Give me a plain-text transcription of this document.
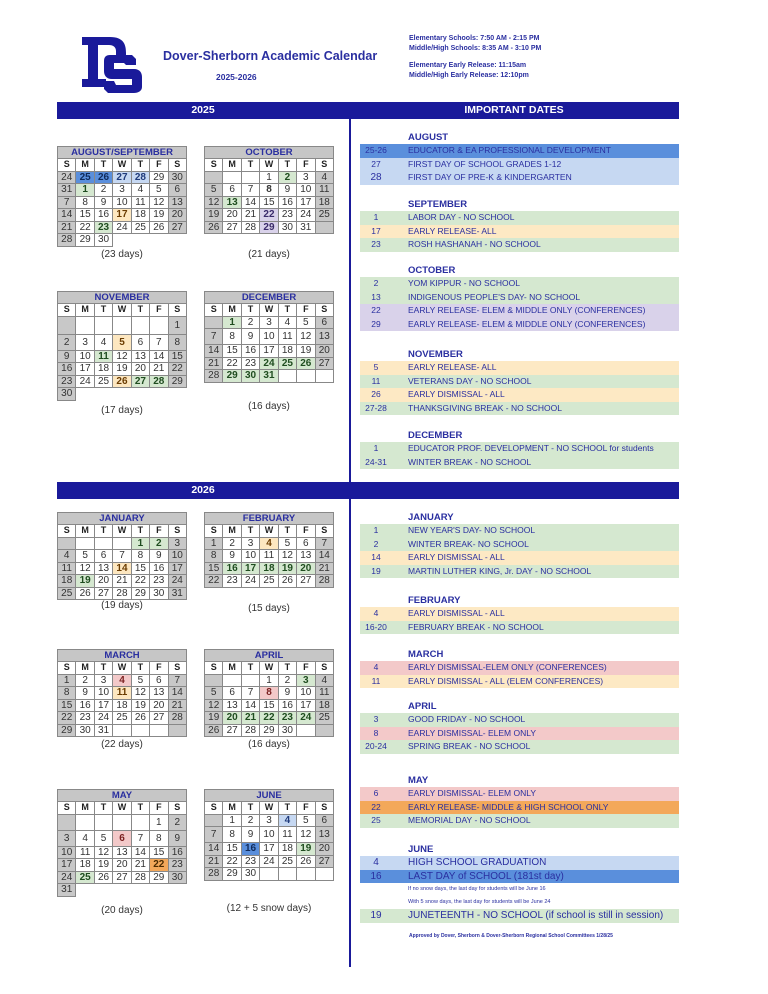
Dover-Sherborn Academic Calendar
2025-2026
Elementary Schools: 7:50 AM - 2:15 PM
Middle/High Schools: 8:35 AM - 3:10 PM
Elementary Early Release: 11:15am
Middle/High Early Release: 12:10pm
2025	IMPORTANT DATES
2026
AUGUST/SEPTEMBER
S	M	T	W	T	F	S
24	25	26	27	28	29	30
31	1	2	3	4	5	6
7	8	9	10	11	12	13
14	15	16	17	18	19	20
21	22	23	24	25	26	27
28	29	30				
(23 days)
OCTOBER
S	M	T	W	T	F	S
			1	2	3	4
5	6	7	8	9	10	11
12	13	14	15	16	17	18
19	20	21	22	23	24	25
26	27	28	29	30	31	
(21 days)
NOVEMBER
S	M	T	W	T	F	S
						1
2	3	4	5	6	7	8
9	10	11	12	13	14	15
16	17	18	19	20	21	22
23	24	25	26	27	28	29
30						
(17 days)
DECEMBER
S	M	T	W	T	F	S
	1	2	3	4	5	6
7	8	9	10	11	12	13
14	15	16	17	18	19	20
21	22	23	24	25	26	27
28	29	30	31			
(16 days)
JANUARY
S	M	T	W	T	F	S
				1	2	3
4	5	6	7	8	9	10
11	12	13	14	15	16	17
18	19	20	21	22	23	24
25	26	27	28	29	30	31
(19 days)
FEBRUARY
S	M	T	W	T	F	S
1	2	3	4	5	6	7
8	9	10	11	12	13	14
15	16	17	18	19	20	21
22	23	24	25	26	27	28
(15 days)
MARCH
S	M	T	W	T	F	S
1	2	3	4	5	6	7
8	9	10	11	12	13	14
15	16	17	18	19	20	21
22	23	24	25	26	27	28
29	30	31				
(22 days)
APRIL
S	M	T	W	T	F	S
			1	2	3	4
5	6	7	8	9	10	11
12	13	14	15	16	17	18
19	20	21	22	23	24	25
26	27	28	29	30		
(16 days)
MAY
S	M	T	W	T	F	S
					1	2
3	4	5	6	7	8	9
10	11	12	13	14	15	16
17	18	19	20	21	22	23
24	25	26	27	28	29	30
31						
(20 days)
JUNE
S	M	T	W	T	F	S
	1	2	3	4	5	6
7	8	9	10	11	12	13
14	15	16	17	18	19	20
21	22	23	24	25	26	27
28	29	30				
(12 + 5 snow days)
AUGUST
25-26	EDUCATOR & EA PROFESSIONAL DEVELOPMENT
27	FIRST DAY OF SCHOOL GRADES 1-12
28	FIRST DAY OF PRE-K & KINDERGARTEN
SEPTEMBER
1	LABOR DAY - NO SCHOOL
17	EARLY RELEASE- ALL
23	ROSH HASHANAH - NO SCHOOL
OCTOBER
2	YOM KIPPUR - NO SCHOOL
13	INDIGENOUS PEOPLE'S DAY- NO SCHOOL
22	EARLY RELEASE- ELEM & MIDDLE ONLY (CONFERENCES)
29	EARLY RELEASE- ELEM & MIDDLE ONLY (CONFERENCES)
NOVEMBER
5	EARLY RELEASE- ALL
11	VETERANS DAY - NO SCHOOL
26	EARLY DISMISSAL - ALL
27-28	THANKSGIVING BREAK - NO SCHOOL
DECEMBER
1	EDUCATOR PROF. DEVELOPMENT - NO SCHOOL for students
24-31	WINTER BREAK - NO SCHOOL
JANUARY
1	NEW YEAR'S DAY- NO SCHOOL
2	WINTER BREAK- NO SCHOOL
14	EARLY DISMISSAL - ALL
19	MARTIN LUTHER KING, Jr. DAY - NO SCHOOL
FEBRUARY
4	EARLY DISMISSAL - ALL
16-20	FEBRUARY BREAK - NO SCHOOL
MARCH
4	EARLY DISMISSAL-ELEM ONLY (CONFERENCES)
11	EARLY DISMISSAL - ALL (ELEM CONFERENCES)
APRIL
3	GOOD FRIDAY - NO SCHOOL
8	EARLY DISMISSAL- ELEM ONLY
20-24	SPRING BREAK - NO SCHOOL
MAY
6	EARLY DISMISSAL- ELEM ONLY
22	EARLY RELEASE- MIDDLE & HIGH SCHOOL ONLY
25	MEMORIAL DAY - NO SCHOOL
JUNE
4	HIGH SCHOOL GRADUATION
16	LAST DAY of SCHOOL (181st day)
If no snow days, the last day for students will be June 16
With 5 snow days, the last day for students will be June 24
19	JUNETEENTH - NO SCHOOL (if school is still in session)
Approved by Dover, Sherborn & Dover-Sherborn Regional School Committees 1/28/25
